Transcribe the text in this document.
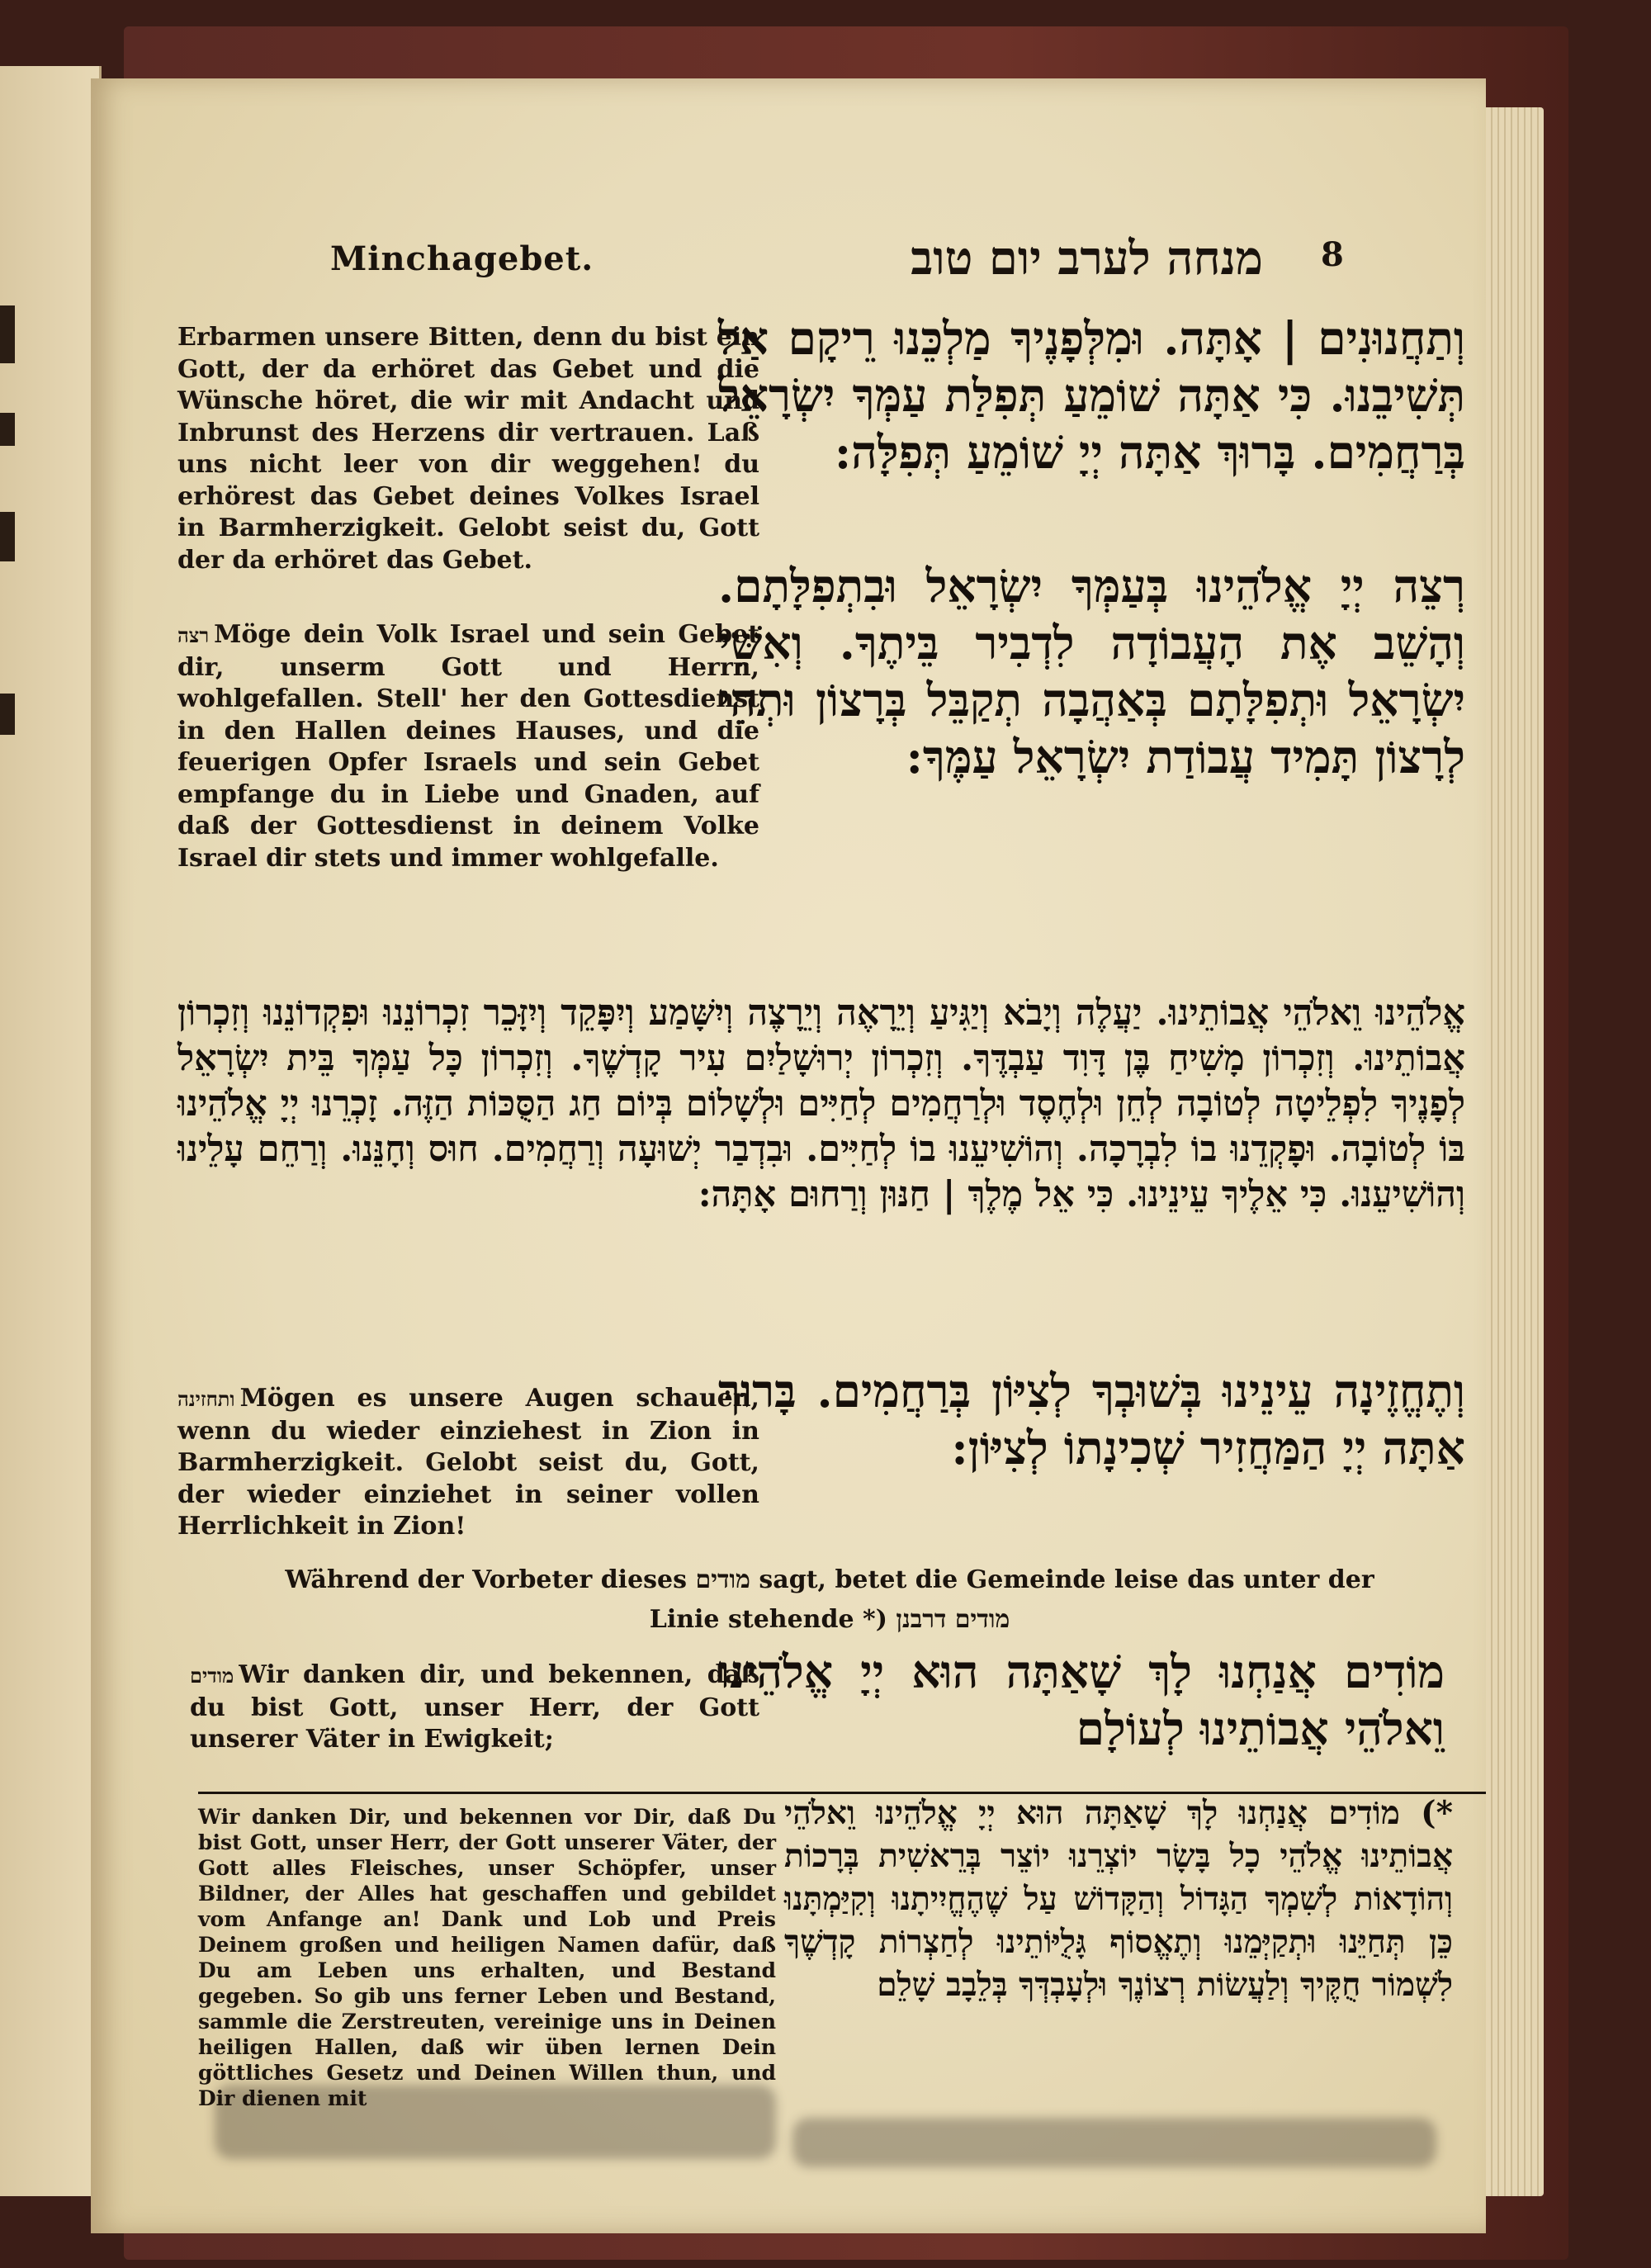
Minchagebet.	מנחה לערב יום טוב 8
Erbarmen unsere Bitten, denn du bist ein Gott, der da erhöret das Gebet und die Wünsche höret, die wir mit Andacht und Inbrunst des Herzens dir vertrauen. Laß uns nicht leer von dir weggehen! du erhörest das Gebet deines Volkes Israel in Barmherzigkeit. Gelobt seist du, Gott der da erhöret das Gebet.
וְתַחֲנוּנִים | אָתָּה. וּמִלְּפָנֶיךָ מַלְכֵּנוּ רֵיקָם אַל תְּשִׁיבֵנוּ. כִּי אַתָּה שׁוֹמֵעַ תְּפִלַּת עַמְּךָ יִשְׂרָאֵל בְּרַחֲמִים. בָּרוּךְ אַתָּה יְיָ שׁוֹמֵעַ תְּפִלָּה:
רצה Möge dein Volk Israel und sein Gebet dir, unserm Gott und Herrn, wohlgefallen. Stell' her den Gottesdienst in den Hallen deines Hauses, und die feuerigen Opfer Israels und sein Gebet empfange du in Liebe und Gnaden, auf daß der Gottesdienst in deinem Volke Israel dir stets und immer wohlgefalle.
רְצֵה יְיָ אֱלֹהֵינוּ בְּעַמְּךָ יִשְׂרָאֵל וּבִתְפִלָּתָם. וְהָשֵׁב אֶת הָעֲבוֹדָה לִדְבִיר בֵּיתֶךָ. וְאִשֵּׁי יִשְׂרָאֵל וּתְפִלָּתָם בְּאַהֲבָה תְקַבֵּל בְּרָצוֹן וּתְהִי לְרָצוֹן תָּמִיד עֲבוֹדַת יִשְׂרָאֵל עַמֶּךָ:
אֱלֹהֵינוּ וֵאלֹהֵי אֲבוֹתֵינוּ. יַעֲלֶה וְיָבֹא וְיַגִּיעַ וְיֵרָאֶה וְיֵרָצֶה וְיִשָּׁמַע וְיִפָּקֵד וְיִזָּכֵר זִכְרוֹנֵנוּ וּפִקְדוֹנֵנוּ וְזִכְרוֹן אֲבוֹתֵינוּ. וְזִכְרוֹן מָשִׁיחַ בֶּן דָּוִד עַבְדֶּךָ. וְזִכְרוֹן יְרוּשָׁלַיִם עִיר קָדְשֶׁךָ. וְזִכְרוֹן כָּל עַמְּךָ בֵּית יִשְׂרָאֵל לְפָנֶיךָ לִפְלֵיטָה לְטוֹבָה לְחֵן וּלְחֶסֶד וּלְרַחֲמִים לְחַיִּים וּלְשָׁלוֹם בְּיוֹם חַג הַסֻּכּוֹת הַזֶּה. זָכְרֵנוּ יְיָ אֱלֹהֵינוּ בּוֹ לְטוֹבָה. וּפָקְדֵנוּ בוֹ לִבְרָכָה. וְהוֹשִׁיעֵנוּ בוֹ לְחַיִּים. וּבִדְבַר יְשׁוּעָה וְרַחֲמִים. חוּס וְחָנֵּנוּ. וְרַחֵם עָלֵינוּ וְהוֹשִׁיעֵנוּ. כִּי אֵלֶיךָ עֵינֵינוּ. כִּי אֵל מֶלֶךְ | חַנּוּן וְרַחוּם אָתָּה:
ותחזינה Mögen es unsere Augen schauen, wenn du wieder einziehest in Zion in Barmherzigkeit. Gelobt seist du, Gott, der wieder einziehet in seiner vollen Herrlichkeit in Zion!
וְתֶחֱזֶינָה עֵינֵינוּ בְּשׁוּבְךָ לְצִיּוֹן בְּרַחֲמִים. בָּרוּךְ אַתָּה יְיָ הַמַּחֲזִיר שְׁכִינָתוֹ לְצִיּוֹן:
Während der Vorbeter dieses מודים sagt, betet die Gemeinde leise das unter der
Linie stehende *) מודים דרבנן
מודים Wir danken dir, und bekennen, daß du bist Gott, unser Herr, der Gott unserer Väter in Ewigkeit;
מוֹדִים אֲנַחְנוּ לָךְ שָׁאַתָּה הוּא יְיָ אֱלֹהֵינוּ וֵאלֹהֵי אֲבוֹתֵינוּ לְעוֹלָם
Wir danken Dir, und bekennen vor Dir, daß Du bist Gott, unser Herr, der Gott unserer Väter, der Gott alles Fleisches, unser Schöpfer, unser Bildner, der Alles hat geschaffen und gebildet vom Anfange an! Dank und Lob und Preis Deinem großen und heiligen Namen dafür, daß Du am Leben uns erhalten, und Bestand gegeben. So gib uns ferner Leben und Bestand, sammle die Zerstreuten, vereinige uns in Deinen heiligen Hallen, daß wir üben lernen Dein göttliches Gesetz und Deinen Willen thun, und Dir dienen mit
*) מוֹדִים אֲנַחְנוּ לָךְ שָׁאַתָּה הוּא יְיָ אֱלֹהֵינוּ וֵאלֹהֵי אֲבוֹתֵינוּ אֱלֹהֵי כָל בָּשָׂר יוֹצְרֵנוּ יוֹצֵר בְּרֵאשִׁית בְּרָכוֹת וְהוֹדָאוֹת לְשִׁמְךָ הַגָּדוֹל וְהַקָּדוֹשׁ עַל שֶׁהֶחֱיִיתָנוּ וְקִיַּמְתָּנוּ כֵּן תְּחַיֵּנוּ וּתְקַיְּמֵנוּ וְתֶאֱסוֹף גָּלֻיּוֹתֵינוּ לְחַצְרוֹת קָדְשֶׁךָ לִשְׁמוֹר חֻקֶּיךָ וְלַעֲשׂוֹת רְצוֹנֶךָ וּלְעָבְדְּךָ בְּלֵבָב שָׁלֵם
